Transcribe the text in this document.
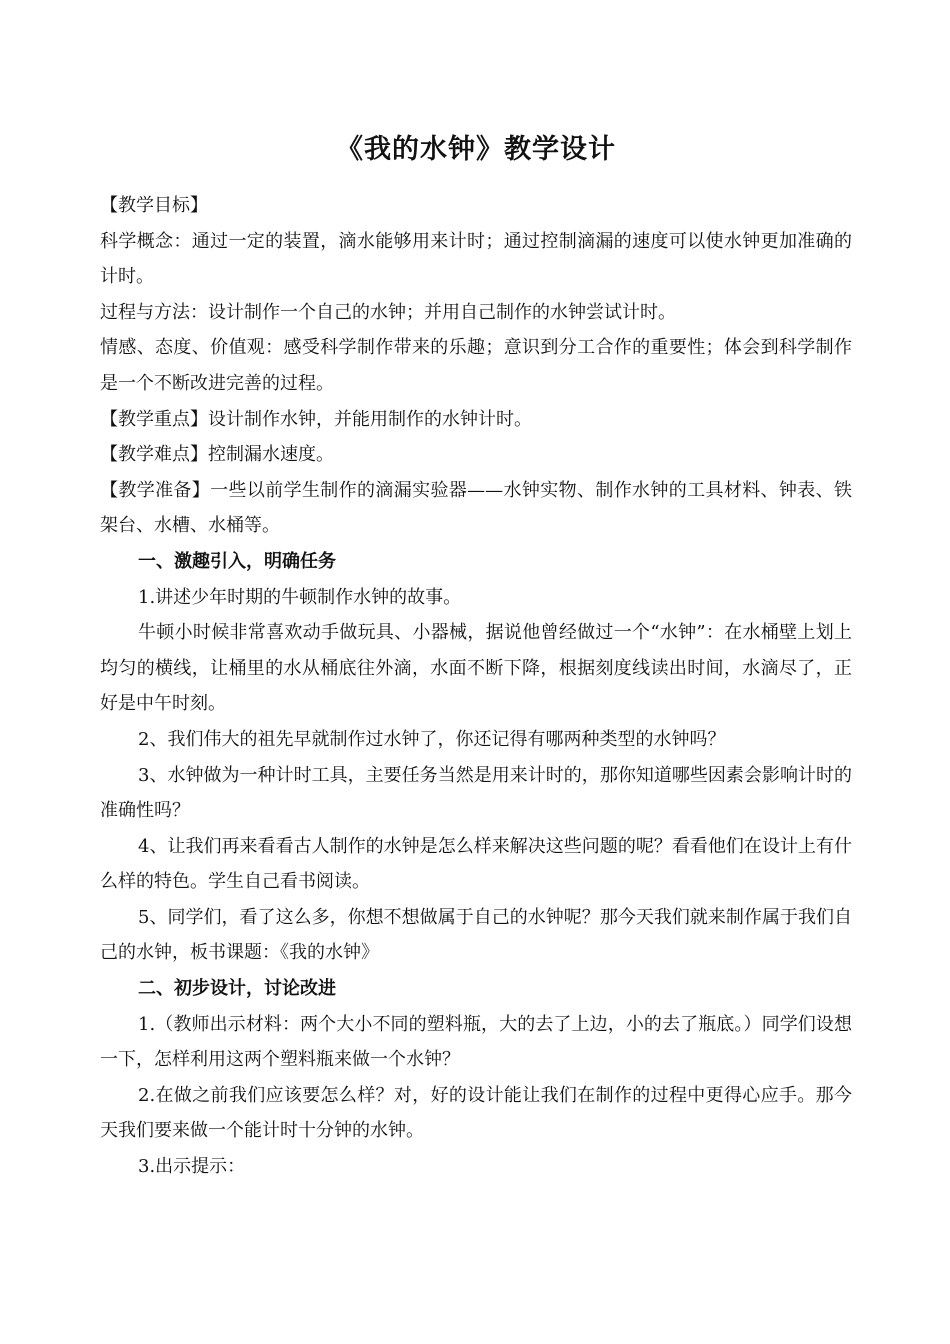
《我的水钟》教学设计

【教学目标】

科学概念：通过一定的装置，滴水能够用来计时；通过控制滴漏的速度可以使水钟更加准确的计时。

过程与方法：设计制作一个自己的水钟；并用自己制作的水钟尝试计时。

情感、态度、价值观：感受科学制作带来的乐趣；意识到分工合作的重要性；体会到科学制作是一个不断改进完善的过程。

【教学重点】设计制作水钟，并能用制作的水钟计时。

【教学难点】控制漏水速度。

【教学准备】一些以前学生制作的滴漏实验器——水钟实物、制作水钟的工具材料、钟表、铁架台、水槽、水桶等。

一、激趣引入，明确任务

1.讲述少年时期的牛顿制作水钟的故事。

牛顿小时候非常喜欢动手做玩具、小器械，据说他曾经做过一个“水钟”：在水桶壁上划上均匀的横线，让桶里的水从桶底往外滴，水面不断下降，根据刻度线读出时间，水滴尽了，正好是中午时刻。

2、我们伟大的祖先早就制作过水钟了，你还记得有哪两种类型的水钟吗？

3、水钟做为一种计时工具，主要任务当然是用来计时的，那你知道哪些因素会影响计时的准确性吗？

4、让我们再来看看古人制作的水钟是怎么样来解决这些问题的呢？看看他们在设计上有什么样的特色。学生自己看书阅读。

5、同学们，看了这么多，你想不想做属于自己的水钟呢？那今天我们就来制作属于我们自己的水钟，板书课题：《我的水钟》

二、初步设计，讨论改进

1.（教师出示材料：两个大小不同的塑料瓶，大的去了上边，小的去了瓶底。）同学们设想一下，怎样利用这两个塑料瓶来做一个水钟？

2.在做之前我们应该要怎么样？对，好的设计能让我们在制作的过程中更得心应手。那今天我们要来做一个能计时十分钟的水钟。

3.出示提示：
